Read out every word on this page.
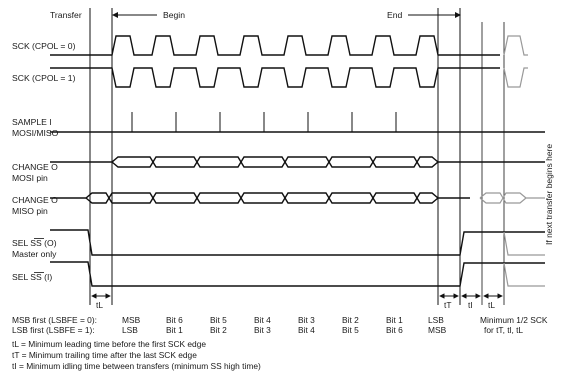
Transfer	Begin	End
SCK (CPOL = 0)
SCK (CPOL = 1)
SAMPLE I
MOSI/MISO
CHANGE O
MOSI pin
CHANGE O
MISO pin
SEL SS (O)
Master only
SEL SS (I)
If next transfer begins here
tL	tT tI tL
MSB first (LSBFE = 0):
LSB first (LSBFE = 1):
MSB	Bit 6	Bit 5	Bit 4	Bit 3	Bit 2	Bit 1	LSB
LSB	Bit 1	Bit 2	Bit 3	Bit 4	Bit 5	Bit 6	MSB
Minimum 1/2 SCK
for tT, tl, tL
tL = Minimum leading time before the first SCK edge
tT = Minimum trailing time after the last SCK edge
tI = Minimum idling time between transfers (minimum SS high time)
